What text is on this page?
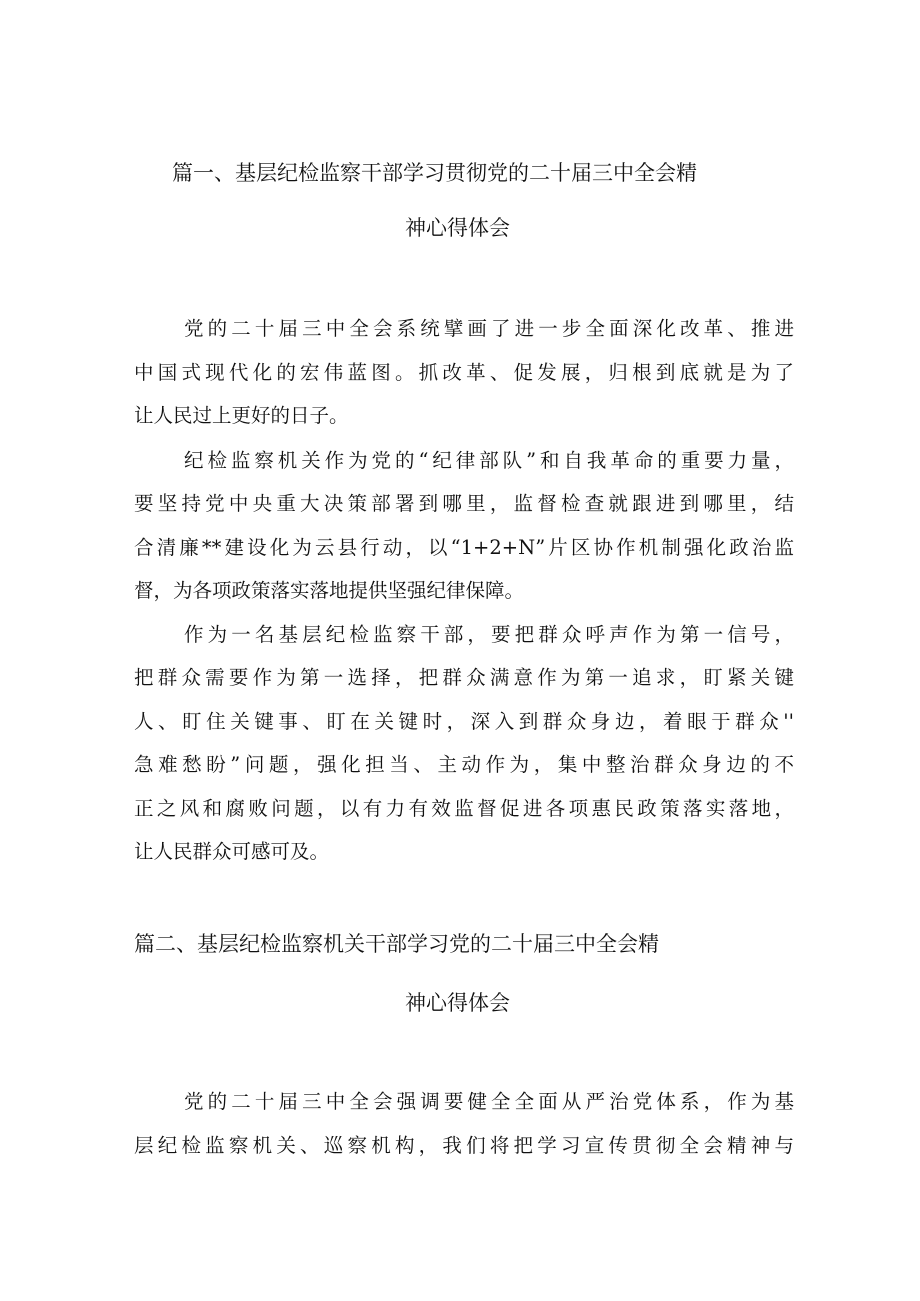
篇一、基层纪检监察干部学习贯彻党的二十届三中全会精
神心得体会
党的二十届三中全会系统擘画了进一步全面深化改革、推进
中国式现代化的宏伟蓝图。抓改革、促发展，归根到底就是为了
让人民过上更好的日子。
纪检监察机关作为党的“纪律部队”和自我革命的重要力量，
要坚持党中央重大决策部署到哪里，监督检查就跟进到哪里，结
合清廉**建设化为云县行动，以“1+2+N”片区协作机制强化政治监
督，为各项政策落实落地提供坚强纪律保障。
作为一名基层纪检监察干部，要把群众呼声作为第一信号，
把群众需要作为第一选择，把群众满意作为第一追求，盯紧关键
人、盯住关键事、盯在关键时，深入到群众身边，着眼于群众''
急难愁盼”问题，强化担当、主动作为，集中整治群众身边的不
正之风和腐败问题，以有力有效监督促进各项惠民政策落实落地，
让人民群众可感可及。
篇二、基层纪检监察机关干部学习党的二十届三中全会精
神心得体会
党的二十届三中全会强调要健全全面从严治党体系，作为基
层纪检监察机关、巡察机构，我们将把学习宣传贯彻全会精神与
